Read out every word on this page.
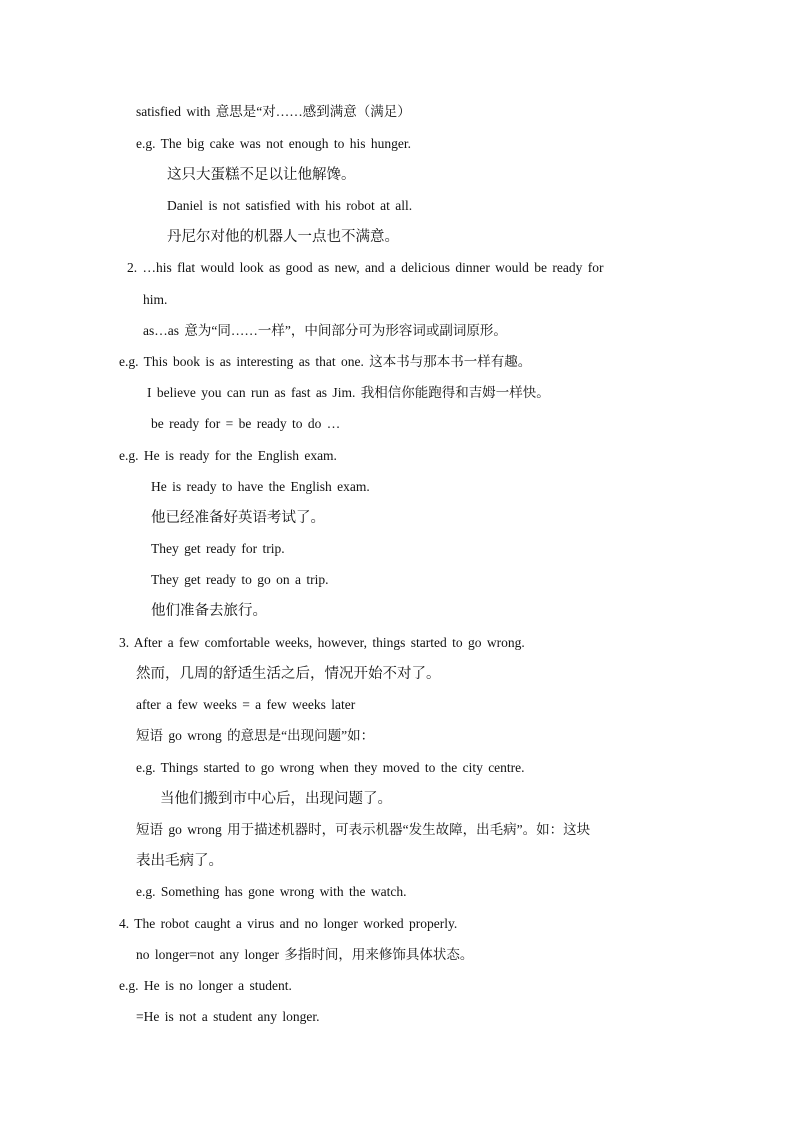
satisfied with 意思是“对……感到满意（满足）
e.g. The big cake was not enough to his hunger.
这只大蛋糕不足以让他解馋。
Daniel is not satisfied with his robot at all.
丹尼尔对他的机器人一点也不满意。
2. …his flat would look as good as new, and a delicious dinner would be ready for
him.
as…as 意为“同……一样”，中间部分可为形容词或副词原形。
e.g. This book is as interesting as that one. 这本书与那本书一样有趣。
I believe you can run as fast as Jim. 我相信你能跑得和吉姆一样快。
be ready for = be ready to do …
e.g. He is ready for the English exam.
He is ready to have the English exam.
他已经准备好英语考试了。
They get ready for trip.
They get ready to go on a trip.
他们准备去旅行。
3. After a few comfortable weeks, however, things started to go wrong.
然而，几周的舒适生活之后，情况开始不对了。
after a few weeks = a few weeks later
短语 go wrong 的意思是“出现问题”如：
e.g. Things started to go wrong when they moved to the city centre.
当他们搬到市中心后，出现问题了。
短语 go wrong 用于描述机器时，可表示机器“发生故障，出毛病”。如：这块
表出毛病了。
e.g. Something has gone wrong with the watch.
4. The robot caught a virus and no longer worked properly.
no longer=not any longer 多指时间，用来修饰具体状态。
e.g. He is no longer a student.
=He is not a student any longer.
